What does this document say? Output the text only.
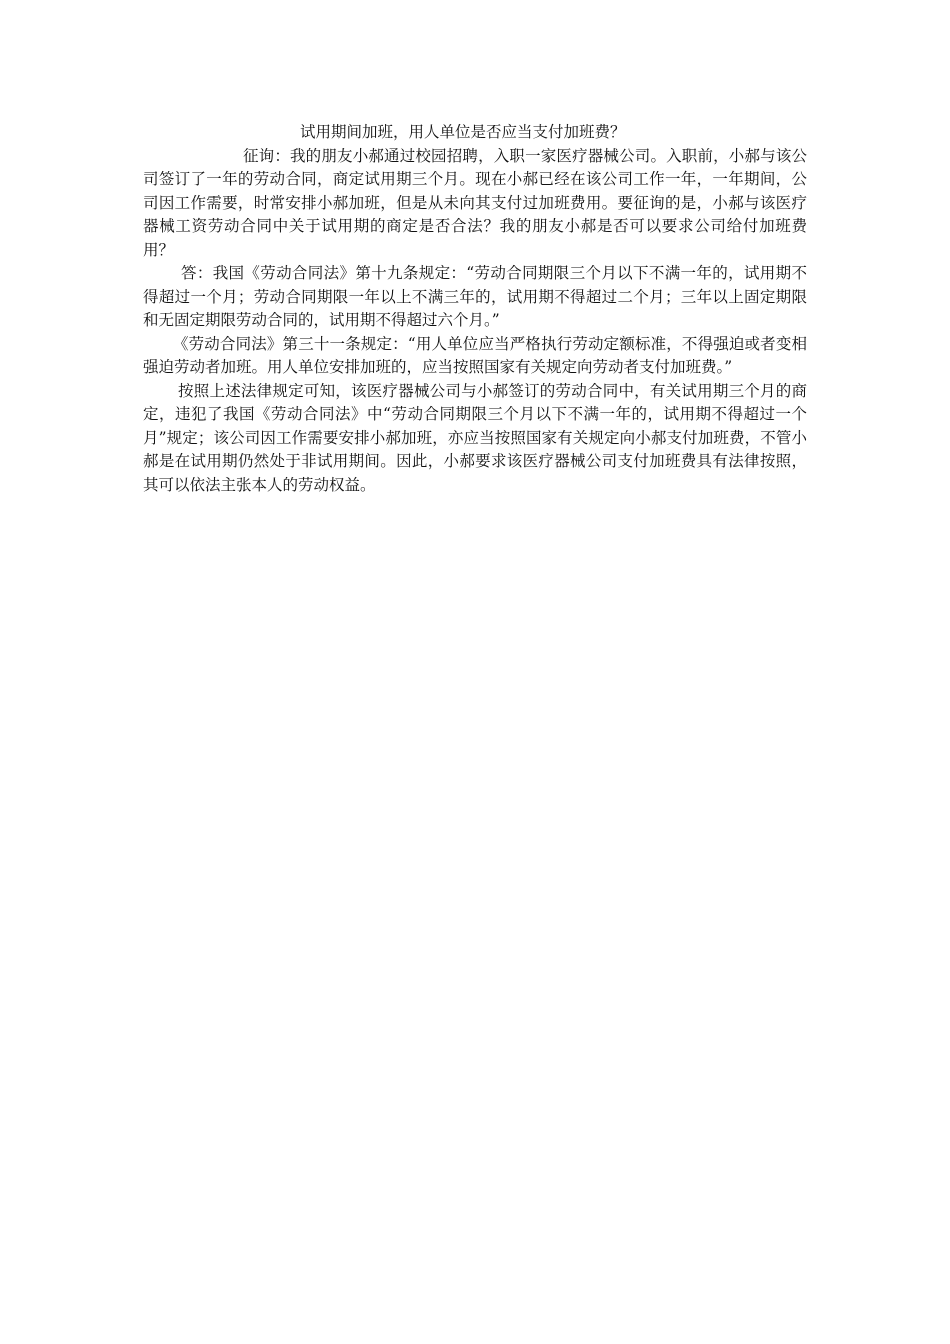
试用期间加班，用人单位是否应当支付加班费？

征询：我的朋友小郝通过校园招聘，入职一家医疗器械公司。入职前，小郝与该公司签订了一年的劳动合同，商定试用期三个月。现在小郝已经在该公司工作一年，一年期间，公司因工作需要，时常安排小郝加班，但是从未向其支付过加班费用。要征询的是，小郝与该医疗器械工资劳动合同中关于试用期的商定是否合法？我的朋友小郝是否可以要求公司给付加班费用？

答：我国《劳动合同法》第十九条规定：“劳动合同期限三个月以下不满一年的，试用期不得超过一个月；劳动合同期限一年以上不满三年的，试用期不得超过二个月；三年以上固定期限和无固定期限劳动合同的，试用期不得超过六个月。”

《劳动合同法》第三十一条规定：“用人单位应当严格执行劳动定额标准，不得强迫或者变相强迫劳动者加班。用人单位安排加班的，应当按照国家有关规定向劳动者支付加班费。”

按照上述法律规定可知，该医疗器械公司与小郝签订的劳动合同中，有关试用期三个月的商定，违犯了我国《劳动合同法》中“劳动合同期限三个月以下不满一年的，试用期不得超过一个月”规定；该公司因工作需要安排小郝加班，亦应当按照国家有关规定向小郝支付加班费，不管小郝是在试用期仍然处于非试用期间。因此，小郝要求该医疗器械公司支付加班费具有法律按照，其可以依法主张本人的劳动权益。
